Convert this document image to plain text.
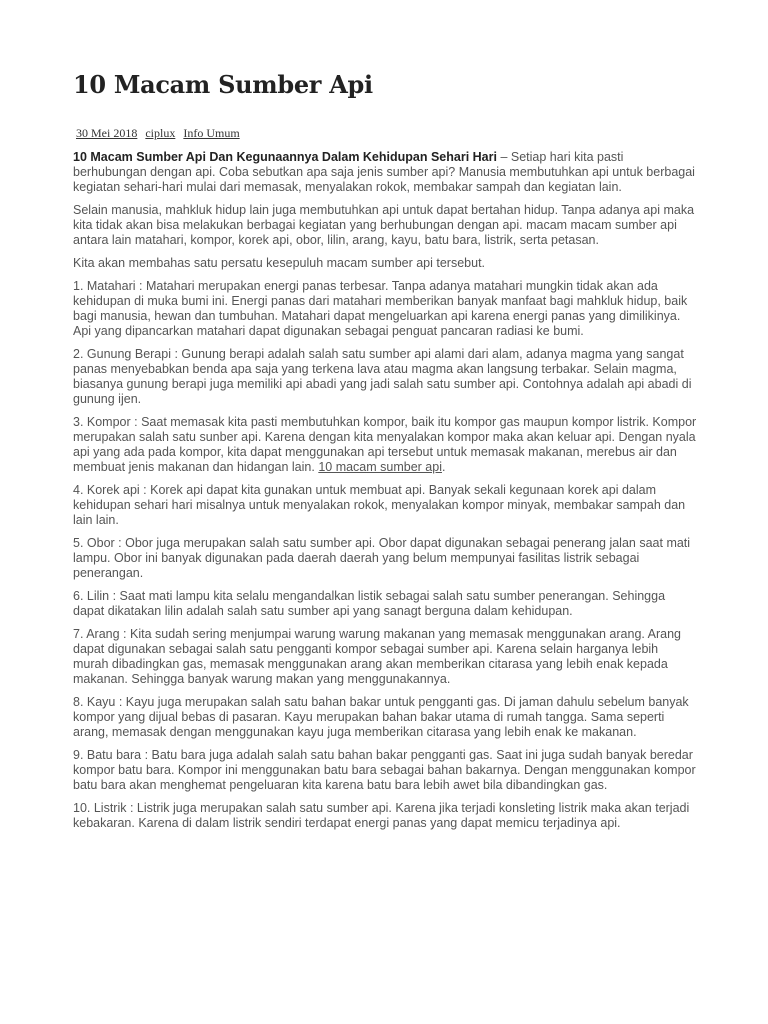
10 Macam Sumber Api
30 Mei 2018 ciplux Info Umum

10 Macam Sumber Api Dan Kegunaannya Dalam Kehidupan Sehari Hari – Setiap hari kita pasti berhubungan dengan api. Coba sebutkan apa saja jenis sumber api? Manusia membutuhkan api untuk berbagai kegiatan sehari-hari mulai dari memasak, menyalakan rokok, membakar sampah dan kegiatan lain.

Selain manusia, mahkluk hidup lain juga membutuhkan api untuk dapat bertahan hidup. Tanpa adanya api maka kita tidak akan bisa melakukan berbagai kegiatan yang berhubungan dengan api. macam macam sumber api antara lain matahari, kompor, korek api, obor, lilin, arang, kayu, batu bara, listrik, serta petasan.

Kita akan membahas satu persatu kesepuluh macam sumber api tersebut.

1. Matahari : Matahari merupakan energi panas terbesar. Tanpa adanya matahari mungkin tidak akan ada kehidupan di muka bumi ini. Energi panas dari matahari memberikan banyak manfaat bagi mahkluk hidup, baik bagi manusia, hewan dan tumbuhan. Matahari dapat mengeluarkan api karena energi panas yang dimilikinya. Api yang dipancarkan matahari dapat digunakan sebagai penguat pancaran radiasi ke bumi.

2. Gunung Berapi : Gunung berapi adalah salah satu sumber api alami dari alam, adanya magma yang sangat panas menyebabkan benda apa saja yang terkena lava atau magma akan langsung terbakar. Selain magma, biasanya gunung berapi juga memiliki api abadi yang jadi salah satu sumber api. Contohnya adalah api abadi di gunung ijen.

3. Kompor : Saat memasak kita pasti membutuhkan kompor, baik itu kompor gas maupun kompor listrik. Kompor merupakan salah satu sunber api. Karena dengan kita menyalakan kompor maka akan keluar api. Dengan nyala api yang ada pada kompor, kita dapat menggunakan api tersebut untuk memasak makanan, merebus air dan membuat jenis makanan dan hidangan lain. 10 macam sumber api.

4. Korek api : Korek api dapat kita gunakan untuk membuat api. Banyak sekali kegunaan korek api dalam kehidupan sehari hari misalnya untuk menyalakan rokok, menyalakan kompor minyak, membakar sampah dan lain lain.

5. Obor : Obor juga merupakan salah satu sumber api. Obor dapat digunakan sebagai penerang jalan saat mati lampu. Obor ini banyak digunakan pada daerah daerah yang belum mempunyai fasilitas listrik sebagai penerangan.

6. Lilin : Saat mati lampu kita selalu mengandalkan listik sebagai salah satu sumber penerangan. Sehingga dapat dikatakan lilin adalah salah satu sumber api yang sanagt berguna dalam kehidupan.

7. Arang : Kita sudah sering menjumpai warung warung makanan yang memasak menggunakan arang. Arang dapat digunakan sebagai salah satu pengganti kompor sebagai sumber api. Karena selain harganya lebih murah dibadingkan gas, memasak menggunakan arang akan memberikan citarasa yang lebih enak kepada makanan. Sehingga banyak warung makan yang menggunakannya.

8. Kayu : Kayu juga merupakan salah satu bahan bakar untuk pengganti gas. Di jaman dahulu sebelum banyak kompor yang dijual bebas di pasaran. Kayu merupakan bahan bakar utama di rumah tangga. Sama seperti arang, memasak dengan menggunakan kayu juga memberikan citarasa yang lebih enak ke makanan.

9. Batu bara : Batu bara juga adalah salah satu bahan bakar pengganti gas. Saat ini juga sudah banyak beredar kompor batu bara. Kompor ini menggunakan batu bara sebagai bahan bakarnya. Dengan menggunakan kompor batu bara akan menghemat pengeluaran kita karena batu bara lebih awet bila dibandingkan gas.

10. Listrik : Listrik juga merupakan salah satu sumber api. Karena jika terjadi konsleting listrik maka akan terjadi kebakaran. Karena di dalam listrik sendiri terdapat energi panas yang dapat memicu terjadinya api.
